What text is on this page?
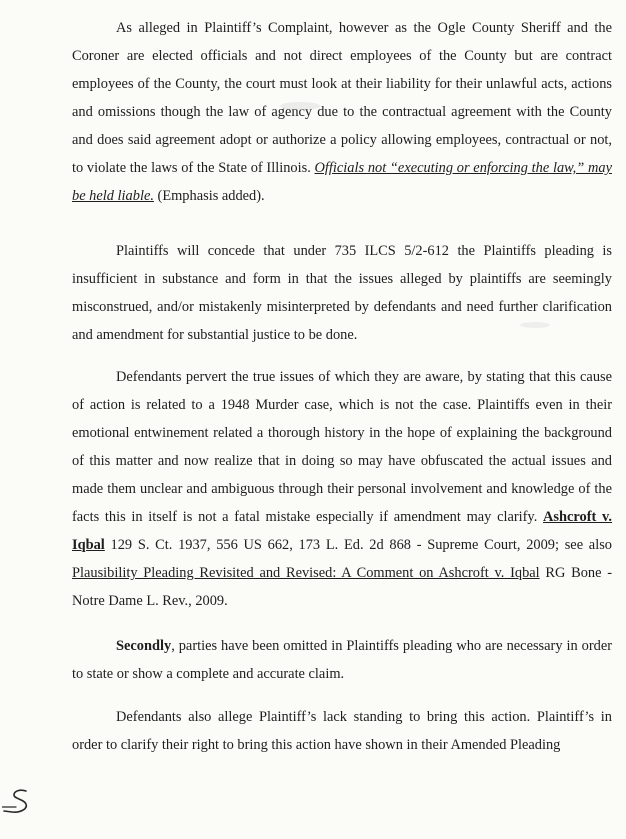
As alleged in Plaintiff’s Complaint, however as the Ogle County Sheriff and the Coroner are elected officials and not direct employees of the County but are contract employees of the County, the court must look at their liability for their unlawful acts, actions and omissions though the law of agency due to the contractual agreement with the County and does said agreement adopt or authorize a policy allowing employees, contractual or not, to violate the laws of the State of Illinois. Officials not “executing or enforcing the law,” may be held liable. (Emphasis added).

Plaintiffs will concede that under 735 ILCS 5/2-612 the Plaintiffs pleading is insufficient in substance and form in that the issues alleged by plaintiffs are seemingly misconstrued, and/or mistakenly misinterpreted by defendants and need further clarification and amendment for substantial justice to be done.

Defendants pervert the true issues of which they are aware, by stating that this cause of action is related to a 1948 Murder case, which is not the case. Plaintiffs even in their emotional entwinement related a thorough history in the hope of explaining the background of this matter and now realize that in doing so may have obfuscated the actual issues and made them unclear and ambiguous through their personal involvement and knowledge of the facts this in itself is not a fatal mistake especially if amendment may clarify. Ashcroft v. Iqbal 129 S. Ct. 1937, 556 US 662, 173 L. Ed. 2d 868 - Supreme Court, 2009; see also Plausibility Pleading Revisited and Revised: A Comment on Ashcroft v. Iqbal RG Bone - Notre Dame L. Rev., 2009.

Secondly, parties have been omitted in Plaintiffs pleading who are necessary in order to state or show a complete and accurate claim.

Defendants also allege Plaintiff’s lack standing to bring this action. Plaintiff’s in order to clarify their right to bring this action have shown in their Amended Pleading
